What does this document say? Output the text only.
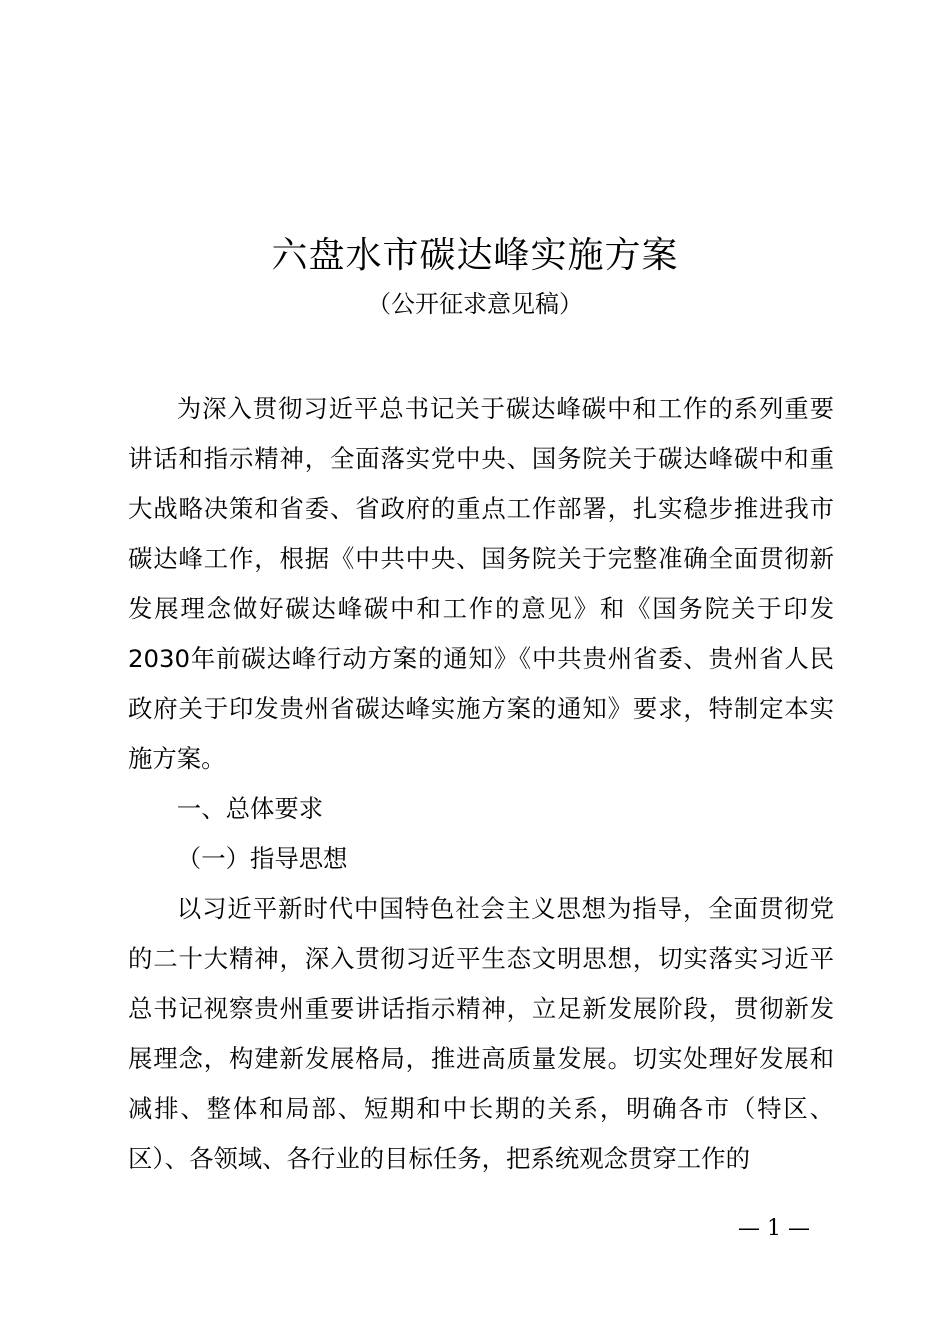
六盘水市碳达峰实施方案
（公开征求意见稿）

为深入贯彻习近平总书记关于碳达峰碳中和工作的系列重要讲话和指示精神，全面落实党中央、国务院关于碳达峰碳中和重大战略决策和省委、省政府的重点工作部署，扎实稳步推进我市碳达峰工作，根据《中共中央、国务院关于完整准确全面贯彻新发展理念做好碳达峰碳中和工作的意见》和《国务院关于印发2030年前碳达峰行动方案的通知》《中共贵州省委、贵州省人民政府关于印发贵州省碳达峰实施方案的通知》要求，特制定本实施方案。

一、总体要求

（一）指导思想

以习近平新时代中国特色社会主义思想为指导，全面贯彻党的二十大精神，深入贯彻习近平生态文明思想，切实落实习近平总书记视察贵州重要讲话指示精神，立足新发展阶段，贯彻新发展理念，构建新发展格局，推进高质量发展。切实处理好发展和减排、整体和局部、短期和中长期的关系，明确各市（特区、区）、各领域、各行业的目标任务，把系统观念贯穿工作的

— 1 —
